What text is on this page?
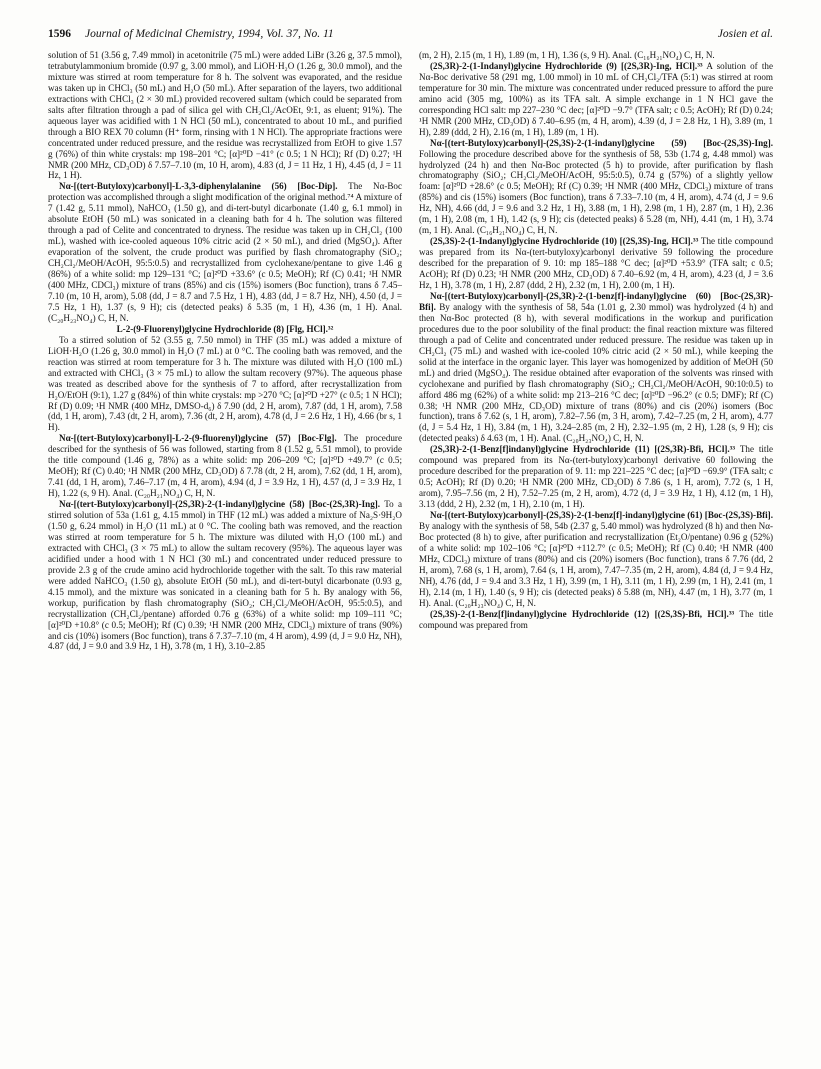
1596 Journal of Medicinal Chemistry, 1994, Vol. 37, No. 11	Josien et al.

solution of 51 (3.56 g, 7.49 mmol) in acetonitrile (75 mL) were added LiBr (3.26 g, 37.5 mmol), tetrabutylammonium bromide (0.97 g, 3.00 mmol), and LiOH·H₂O (1.26 g, 30.0 mmol), and the mixture was stirred at room temperature for 8 h. The solvent was evaporated, and the residue was taken up in CHCl₃ (50 mL) and H₂O (50 mL). After separation of the layers, two additional extractions with CHCl₃ (2 × 30 mL) provided recovered sultam (which could be separated from salts after filtration through a pad of silica gel with CH₂Cl₂/AcOEt, 9:1, as eluent; 91%). The aqueous layer was acidified with 1 N HCl (50 mL), concentrated to about 10 mL, and purified through a BIO REX 70 column (H⁺ form, rinsing with 1 N HCl). The appropriate fractions were concentrated under reduced pressure, and the residue was recrystallized from EtOH to give 1.57 g (76%) of thin white crystals: mp 198–201 °C; [α]²⁰D −41° (c 0.5; 1 N HCl); Rf (D) 0.27; ¹H NMR (200 MHz, CD₃OD) δ 7.57–7.10 (m, 10 H, arom), 4.83 (d, J = 11 Hz, 1 H), 4.45 (d, J = 11 Hz, 1 H).

Nα-[(tert-Butyloxy)carbonyl]-L-3,3-diphenylalanine (56) [Boc-Dip]. The Nα-Boc protection was accomplished through a slight modification of the original method.⁷⁴ A mixture of 7 (1.42 g, 5.11 mmol), NaHCO₃ (1.50 g), and di-tert-butyl dicarbonate (1.40 g, 6.1 mmol) in absolute EtOH (50 mL) was sonicated in a cleaning bath for 4 h. The solution was filtered through a pad of Celite and concentrated to dryness. The residue was taken up in CH₂Cl₂ (100 mL), washed with ice-cooled aqueous 10% citric acid (2 × 50 mL), and dried (MgSO₄). After evaporation of the solvent, the crude product was purified by flash chromatography (SiO₂; CH₂Cl₂/MeOH/AcOH, 95:5:0.5) and recrystallized from cyclohexane/pentane to give 1.46 g (86%) of a white solid: mp 129–131 °C; [α]²⁰D +33.6° (c 0.5; MeOH); Rf (C) 0.41; ¹H NMR (400 MHz, CDCl₃) mixture of trans (85%) and cis (15%) isomers (Boc function), trans δ 7.45–7.10 (m, 10 H, arom), 5.08 (dd, J = 8.7 and 7.5 Hz, 1 H), 4.83 (dd, J = 8.7 Hz, NH), 4.50 (d, J = 7.5 Hz, 1 H), 1.37 (s, 9 H); cis (detected peaks) δ 5.35 (m, 1 H), 4.36 (m, 1 H). Anal. (C₂₀H₂₃NO₄) C, H, N.

L-2-(9-Fluorenyl)glycine Hydrochloride (8) [Flg, HCl].³²

To a stirred solution of 52 (3.55 g, 7.50 mmol) in THF (35 mL) was added a mixture of LiOH·H₂O (1.26 g, 30.0 mmol) in H₂O (7 mL) at 0 °C. The cooling bath was removed, and the reaction was stirred at room temperature for 3 h. The mixture was diluted with H₂O (100 mL) and extracted with CHCl₃ (3 × 75 mL) to allow the sultam recovery (97%). The aqueous phase was treated as described above for the synthesis of 7 to afford, after recrystallization from H₂O/EtOH (9:1), 1.27 g (84%) of thin white crystals: mp >270 °C; [α]²⁰D +27° (c 0.5; 1 N HCl); Rf (D) 0.09; ¹H NMR (400 MHz, DMSO-d₆) δ 7.90 (dd, 2 H, arom), 7.87 (dd, 1 H, arom), 7.58 (dd, 1 H, arom), 7.43 (dt, 2 H, arom), 7.36 (dt, 2 H, arom), 4.78 (d, J = 2.6 Hz, 1 H), 4.66 (br s, 1 H).

Nα-[(tert-Butyloxy)carbonyl]-L-2-(9-fluorenyl)glycine (57) [Boc-Flg]. The procedure described for the synthesis of 56 was followed, starting from 8 (1.52 g, 5.51 mmol), to provide the title compound (1.46 g, 78%) as a white solid: mp 206–209 °C; [α]²⁰D +49.7° (c 0.5; MeOH); Rf (C) 0.40; ¹H NMR (200 MHz, CD₃OD) δ 7.78 (dt, 2 H, arom), 7.62 (dd, 1 H, arom), 7.41 (dd, 1 H, arom), 7.46–7.17 (m, 4 H, arom), 4.94 (d, J = 3.9 Hz, 1 H), 4.57 (d, J = 3.9 Hz, 1 H), 1.22 (s, 9 H). Anal. (C₂₀H₂₁NO₄) C, H, N.

Nα-[(tert-Butyloxy)carbonyl]-(2S,3R)-2-(1-indanyl)glycine (58) [Boc-(2S,3R)-Ing]. To a stirred solution of 53a (1.61 g, 4.15 mmol) in THF (12 mL) was added a mixture of Na₂S·9H₂O (1.50 g, 6.24 mmol) in H₂O (11 mL) at 0 °C. The cooling bath was removed, and the reaction was stirred at room temperature for 5 h. The mixture was diluted with H₂O (100 mL) and extracted with CHCl₃ (3 × 75 mL) to allow the sultam recovery (95%). The aqueous layer was acidified under a hood with 1 N HCl (30 mL) and concentrated under reduced pressure to provide 2.3 g of the crude amino acid hydrochloride together with the salt. To this raw material were added NaHCO₃ (1.50 g), absolute EtOH (50 mL), and di-tert-butyl dicarbonate (0.93 g, 4.15 mmol), and the mixture was sonicated in a cleaning bath for 5 h. By analogy with 56, workup, purification by flash chromatography (SiO₂; CH₂Cl₂/MeOH/AcOH, 95:5:0.5), and recrystallization (CH₂Cl₂/pentane) afforded 0.76 g (63%) of a white solid: mp 109–111 °C; [α]²⁰D +10.8° (c 0.5; MeOH); Rf (C) 0.39; ¹H NMR (200 MHz, CDCl₃) mixture of trans (90%) and cis (10%) isomers (Boc function), trans δ 7.37–7.10 (m, 4 H arom), 4.99 (d, J = 9.0 Hz, NH), 4.87 (dd, J = 9.0 and 3.9 Hz, 1 H), 3.78 (m, 1 H), 3.10–2.85

(m, 2 H), 2.15 (m, 1 H), 1.89 (m, 1 H), 1.36 (s, 9 H). Anal. (C₁₆H₂₁NO₄) C, H, N.

(2S,3R)-2-(1-Indanyl)glycine Hydrochloride (9) [(2S,3R)-Ing, HCl].³³ A solution of the Nα-Boc derivative 58 (291 mg, 1.00 mmol) in 10 mL of CH₂Cl₂/TFA (5:1) was stirred at room temperature for 30 min. The mixture was concentrated under reduced pressure to afford the pure amino acid (305 mg, 100%) as its TFA salt. A simple exchange in 1 N HCl gave the corresponding HCl salt: mp 227–230 °C dec; [α]²⁰D −9.7° (TFA salt; c 0.5; AcOH); Rf (D) 0.24; ¹H NMR (200 MHz, CD₃OD) δ 7.40–6.95 (m, 4 H, arom), 4.39 (d, J = 2.8 Hz, 1 H), 3.89 (m, 1 H), 2.89 (ddd, 2 H), 2.16 (m, 1 H), 1.89 (m, 1 H).

Nα-[(tert-Butyloxy)carbonyl]-(2S,3S)-2-(1-indanyl)glycine (59) [Boc-(2S,3S)-Ing]. Following the procedure described above for the synthesis of 58, 53b (1.74 g, 4.48 mmol) was hydrolyzed (24 h) and then Nα-Boc protected (5 h) to provide, after purification by flash chromatography (SiO₂; CH₂Cl₂/MeOH/AcOH, 95:5:0.5), 0.74 g (57%) of a slightly yellow foam: [α]²⁰D +28.6° (c 0.5; MeOH); Rf (C) 0.39; ¹H NMR (400 MHz, CDCl₃) mixture of trans (85%) and cis (15%) isomers (Boc function), trans δ 7.33–7.10 (m, 4 H, arom), 4.74 (d, J = 9.6 Hz, NH), 4.66 (dd, J = 9.6 and 3.2 Hz, 1 H), 3.88 (m, 1 H), 2.98 (m, 1 H), 2.87 (m, 1 H), 2.36 (m, 1 H), 2.08 (m, 1 H), 1.42 (s, 9 H); cis (detected peaks) δ 5.28 (m, NH), 4.41 (m, 1 H), 3.74 (m, 1 H). Anal. (C₁₆H₂₁NO₄) C, H, N.

(2S,3S)-2-(1-Indanyl)glycine Hydrochloride (10) [(2S,3S)-Ing, HCl].³³ The title compound was prepared from its Nα-(tert-butyloxy)carbonyl derivative 59 following the procedure described for the preparation of 9. 10: mp 185–188 °C dec; [α]²⁰D +53.9° (TFA salt; c 0.5; AcOH); Rf (D) 0.23; ¹H NMR (200 MHz, CD₃OD) δ 7.40–6.92 (m, 4 H, arom), 4.23 (d, J = 3.6 Hz, 1 H), 3.78 (m, 1 H), 2.87 (ddd, 2 H), 2.32 (m, 1 H), 2.00 (m, 1 H).

Nα-[(tert-Butyloxy)carbonyl]-(2S,3R)-2-(1-benz[f]-indanyl)glycine (60) [Boc-(2S,3R)-Bfi]. By analogy with the synthesis of 58, 54a (1.01 g, 2.30 mmol) was hydrolyzed (4 h) and then Nα-Boc protected (8 h), with several modifications in the workup and purification procedures due to the poor solubility of the final product: the final reaction mixture was filtered through a pad of Celite and concentrated under reduced pressure. The residue was taken up in CH₂Cl₂ (75 mL) and washed with ice-cooled 10% citric acid (2 × 50 mL), while keeping the solid at the interface in the organic layer. This layer was homogenized by addition of MeOH (50 mL) and dried (MgSO₄). The residue obtained after evaporation of the solvents was rinsed with cyclohexane and purified by flash chromatography (SiO₂; CH₂Cl₂/MeOH/AcOH, 90:10:0.5) to afford 486 mg (62%) of a white solid: mp 213–216 °C dec; [α]²⁰D −96.2° (c 0.5; DMF); Rf (C) 0.38; ¹H NMR (200 MHz, CD₃OD) mixture of trans (80%) and cis (20%) isomers (Boc function), trans δ 7.62 (s, 1 H, arom), 7.82–7.56 (m, 3 H, arom), 7.42–7.25 (m, 2 H, arom), 4.77 (d, J = 5.4 Hz, 1 H), 3.84 (m, 1 H), 3.24–2.85 (m, 2 H), 2.32–1.95 (m, 2 H), 1.28 (s, 9 H); cis (detected peaks) δ 4.63 (m, 1 H). Anal. (C₂₀H₂₃NO₄) C, H, N.

(2S,3R)-2-(1-Benz[f]indanyl)glycine Hydrochloride (11) [(2S,3R)-Bfi, HCl].³³ The title compound was prepared from its Nα-(tert-butyloxy)carbonyl derivative 60 following the procedure described for the preparation of 9. 11: mp 221–225 °C dec; [α]²⁰D −69.9° (TFA salt; c 0.5; AcOH); Rf (D) 0.20; ¹H NMR (200 MHz, CD₃OD) δ 7.86 (s, 1 H, arom), 7.72 (s, 1 H, arom), 7.95–7.56 (m, 2 H), 7.52–7.25 (m, 2 H, arom), 4.72 (d, J = 3.9 Hz, 1 H), 4.12 (m, 1 H), 3.13 (ddd, 2 H), 2.32 (m, 1 H), 2.10 (m, 1 H).

Nα-[(tert-Butyloxy)carbonyl]-(2S,3S)-2-(1-benz[f]-indanyl)glycine (61) [Boc-(2S,3S)-Bfi]. By analogy with the synthesis of 58, 54b (2.37 g, 5.40 mmol) was hydrolyzed (8 h) and then Nα-Boc protected (8 h) to give, after purification and recrystallization (Et₂O/pentane) 0.96 g (52%) of a white solid: mp 102–106 °C; [α]²⁰D +112.7° (c 0.5; MeOH); Rf (C) 0.40; ¹H NMR (400 MHz, CDCl₃) mixture of trans (80%) and cis (20%) isomers (Boc function), trans δ 7.76 (dd, 2 H, arom), 7.68 (s, 1 H, arom), 7.64 (s, 1 H, arom), 7.47–7.35 (m, 2 H, arom), 4.84 (d, J = 9.4 Hz, NH), 4.76 (dd, J = 9.4 and 3.3 Hz, 1 H), 3.99 (m, 1 H), 3.11 (m, 1 H), 2.99 (m, 1 H), 2.41 (m, 1 H), 2.14 (m, 1 H), 1.40 (s, 9 H); cis (detected peaks) δ 5.88 (m, NH), 4.47 (m, 1 H), 3.77 (m, 1 H). Anal. (C₂₀H₂₃NO₄) C, H, N.

(2S,3S)-2-(1-Benz[f]indanyl)glycine Hydrochloride (12) [(2S,3S)-Bfi, HCl].³³ The title compound was prepared from
